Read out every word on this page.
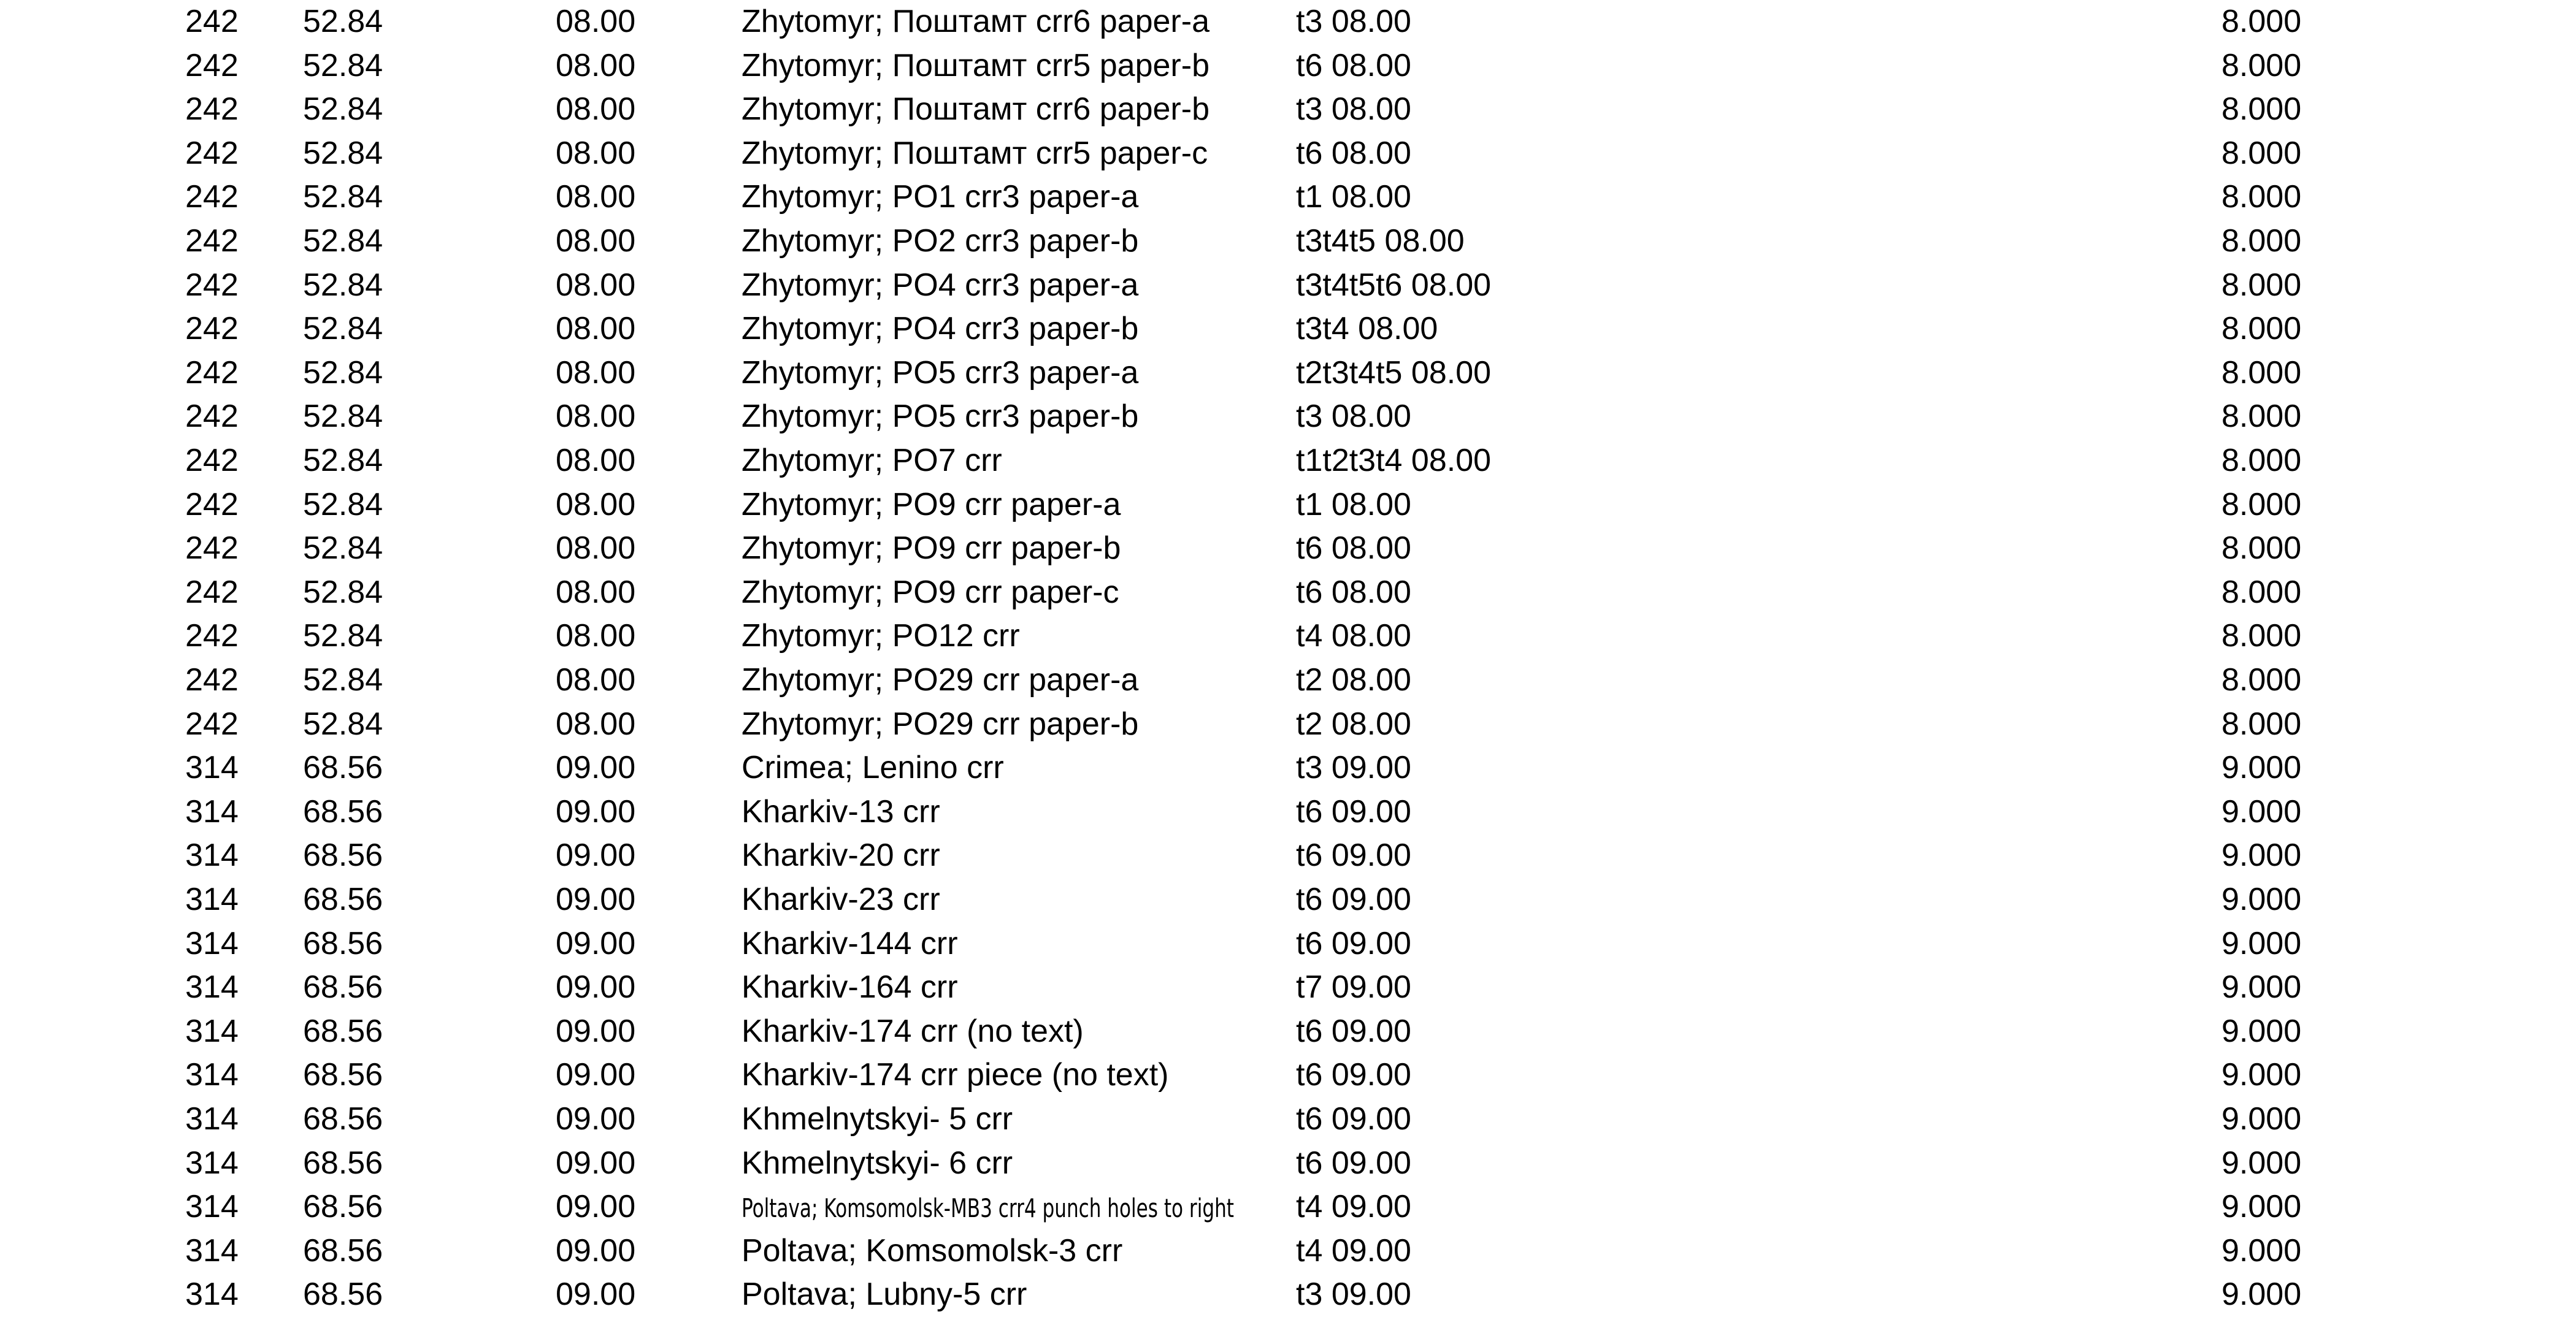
242 52.84	08.00	Zhytomyr; Поштамт crr6 paper-a	t3 08.00	8.000
242 52.84	08.00	Zhytomyr; Поштамт crr5 paper-b	t6 08.00	8.000
242 52.84	08.00	Zhytomyr; Поштамт crr6 paper-b	t3 08.00	8.000
242 52.84	08.00	Zhytomyr; Поштамт crr5 paper-c	t6 08.00	8.000
242 52.84	08.00	Zhytomyr; PO1 crr3 paper-a	t1 08.00	8.000
242 52.84	08.00	Zhytomyr; PO2 crr3 paper-b	t3t4t5 08.00	8.000
242 52.84	08.00	Zhytomyr; PO4 crr3 paper-a	t3t4t5t6 08.00	8.000
242 52.84	08.00	Zhytomyr; PO4 crr3 paper-b	t3t4 08.00	8.000
242 52.84	08.00	Zhytomyr; PO5 crr3 paper-a	t2t3t4t5 08.00	8.000
242 52.84	08.00	Zhytomyr; PO5 crr3 paper-b	t3 08.00	8.000
242 52.84	08.00	Zhytomyr; PO7 crr	t1t2t3t4 08.00	8.000
242 52.84	08.00	Zhytomyr; PO9 crr paper-a	t1 08.00	8.000
242 52.84	08.00	Zhytomyr; PO9 crr paper-b	t6 08.00	8.000
242 52.84	08.00	Zhytomyr; PO9 crr paper-c	t6 08.00	8.000
242 52.84	08.00	Zhytomyr; PO12 crr	t4 08.00	8.000
242 52.84	08.00	Zhytomyr; PO29 crr paper-a	t2 08.00	8.000
242 52.84	08.00	Zhytomyr; PO29 crr paper-b	t2 08.00	8.000
314 68.56	09.00	Crimea; Lenino crr	t3 09.00	9.000
314 68.56	09.00	Kharkiv-13 crr	t6 09.00	9.000
314 68.56	09.00	Kharkiv-20 crr	t6 09.00	9.000
314 68.56	09.00	Kharkiv-23 crr	t6 09.00	9.000
314 68.56	09.00	Kharkiv-144 crr	t6 09.00	9.000
314 68.56	09.00	Kharkiv-164 crr	t7 09.00	9.000
314 68.56	09.00	Kharkiv-174 crr (no text)	t6 09.00	9.000
314 68.56	09.00	Kharkiv-174 crr piece (no text)	t6 09.00	9.000
314 68.56	09.00	Khmelnytskyi- 5 crr	t6 09.00	9.000
314 68.56	09.00	Khmelnytskyi- 6 crr	t6 09.00	9.000
314 68.56	09.00	Poltava; Komsomolsk-MB3 crr4 punch holes to right	t4 09.00	9.000
314 68.56	09.00	Poltava; Komsomolsk-3 crr	t4 09.00	9.000
314 68.56	09.00	Poltava; Lubny-5 crr	t3 09.00	9.000
